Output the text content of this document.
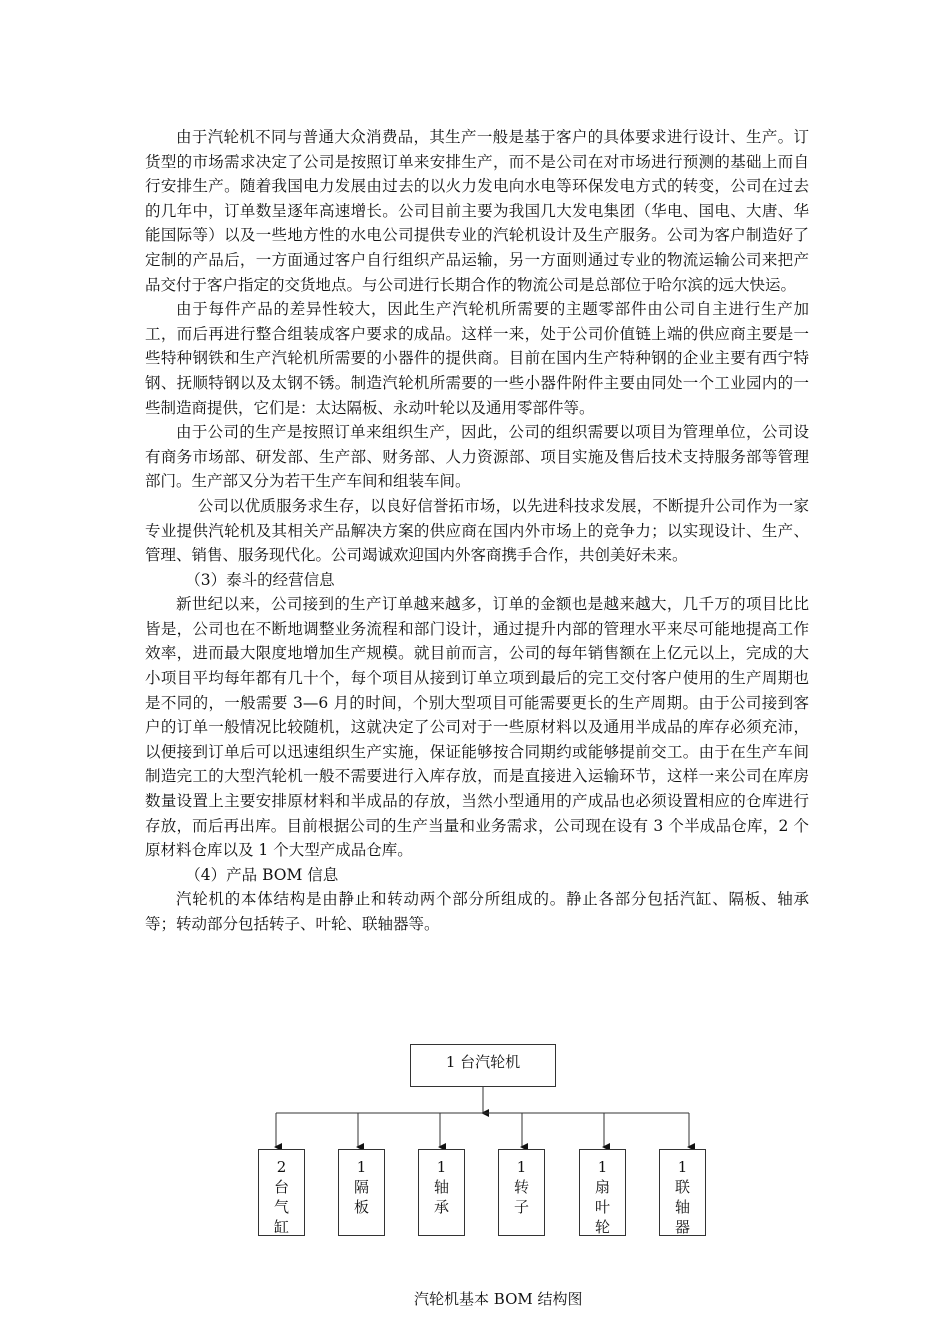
由于汽轮机不同与普通大众消费品，其生产一般是基于客户的具体要求进行设计、生产。订货型的市场需求决定了公司是按照订单来安排生产，而不是公司在对市场进行预测的基础上而自行安排生产。随着我国电力发展由过去的以火力发电向水电等环保发电方式的转变，公司在过去的几年中，订单数呈逐年高速增长。公司目前主要为我国几大发电集团（华电、国电、大唐、华能国际等）以及一些地方性的水电公司提供专业的汽轮机设计及生产服务。公司为客户制造好了定制的产品后，一方面通过客户自行组织产品运输，另一方面则通过专业的物流运输公司来把产品交付于客户指定的交货地点。与公司进行长期合作的物流公司是总部位于哈尔滨的远大快运。

由于每件产品的差异性较大，因此生产汽轮机所需要的主题零部件由公司自主进行生产加工，而后再进行整合组装成客户要求的成品。这样一来，处于公司价值链上端的供应商主要是一些特种钢铁和生产汽轮机所需要的小器件的提供商。目前在国内生产特种钢的企业主要有西宁特钢、抚顺特钢以及太钢不锈。制造汽轮机所需要的一些小器件附件主要由同处一个工业园内的一些制造商提供，它们是：太达隔板、永动叶轮以及通用零部件等。

由于公司的生产是按照订单来组织生产，因此，公司的组织需要以项目为管理单位，公司设有商务市场部、研发部、生产部、财务部、人力资源部、项目实施及售后技术支持服务部等管理部门。生产部又分为若干生产车间和组装车间。

公司以优质服务求生存，以良好信誉拓市场，以先进科技求发展，不断提升公司作为一家专业提供汽轮机及其相关产品解决方案的供应商在国内外市场上的竞争力；以实现设计、生产、管理、销售、服务现代化。公司竭诚欢迎国内外客商携手合作，共创美好未来。

（3）泰斗的经营信息

新世纪以来，公司接到的生产订单越来越多，订单的金额也是越来越大，几千万的项目比比皆是，公司也在不断地调整业务流程和部门设计，通过提升内部的管理水平来尽可能地提高工作效率，进而最大限度地增加生产规模。就目前而言，公司的每年销售额在上亿元以上，完成的大小项目平均每年都有几十个，每个项目从接到订单立项到最后的完工交付客户使用的生产周期也是不同的，一般需要 3—6 月的时间，个别大型项目可能需要更长的生产周期。由于公司接到客户的订单一般情况比较随机，这就决定了公司对于一些原材料以及通用半成品的库存必须充沛，以便接到订单后可以迅速组织生产实施，保证能够按合同期约或能够提前交工。由于在生产车间制造完工的大型汽轮机一般不需要进行入库存放，而是直接进入运输环节，这样一来公司在库房数量设置上主要安排原材料和半成品的存放，当然小型通用的产成品也必须设置相应的仓库进行存放，而后再出库。目前根据公司的生产当量和业务需求，公司现在设有 3 个半成品仓库，2 个原材料仓库以及 1 个大型产成品仓库。

（4）产品 BOM 信息

汽轮机的本体结构是由静止和转动两个部分所组成的。静止各部分包括汽缸、隔板、轴承等；转动部分包括转子、叶轮、联轴器等。

1 台汽轮机
2
台气缸
1
隔板
1
轴承
1
转子
1
扇叶轮
1
联轴器
汽轮机基本 BOM 结构图
